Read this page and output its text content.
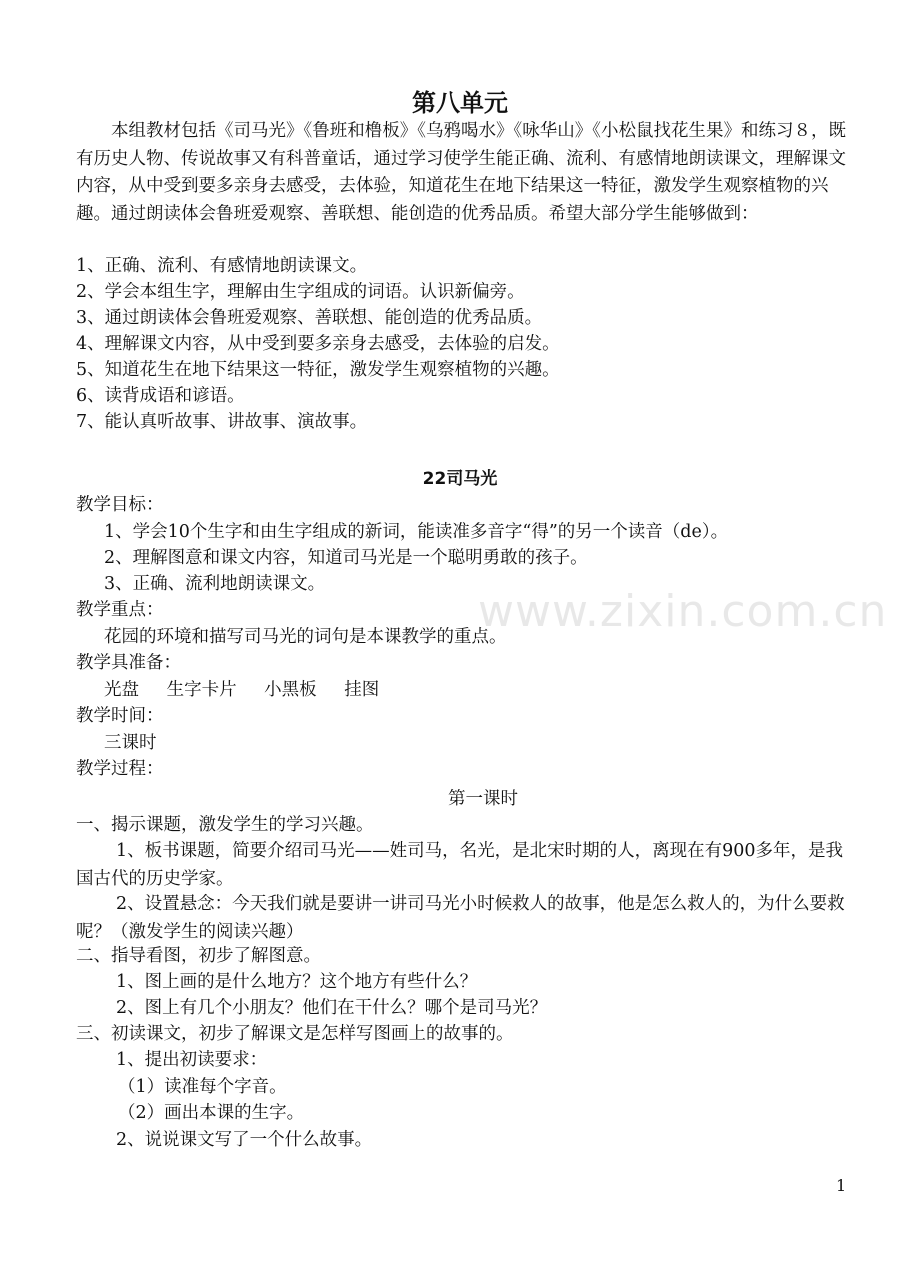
第八单元

本组教材包括《司马光》《鲁班和橹板》《乌鸦喝水》《咏华山》《小松鼠找花生果》和练习８，既有历史人物、传说故事又有科普童话，通过学习使学生能正确、流利、有感情地朗读课文，理解课文内容，从中受到要多亲身去感受，去体验，知道花生在地下结果这一特征，激发学生观察植物的兴趣。通过朗读体会鲁班爱观察、善联想、能创造的优秀品质。希望大部分学生能够做到：

1、正确、流利、有感情地朗读课文。
2、学会本组生字，理解由生字组成的词语。认识新偏旁。
3、通过朗读体会鲁班爱观察、善联想、能创造的优秀品质。
4、理解课文内容，从中受到要多亲身去感受，去体验的启发。
5、知道花生在地下结果这一特征，激发学生观察植物的兴趣。
6、读背成语和谚语。
7、能认真听故事、讲故事、演故事。
22司马光
教学目标：
1、学会10个生字和由生字组成的新词，能读准多音字“得”的另一个读音（de）。
2、理解图意和课文内容，知道司马光是一个聪明勇敢的孩子。
3、正确、流利地朗读课文。
教学重点：
花园的环境和描写司马光的词句是本课教学的重点。
教学具准备：
光盘 生字卡片 小黑板 挂图
教学时间：
三课时
教学过程：
第一课时
一、揭示课题，激发学生的学习兴趣。

1、板书课题，简要介绍司马光——姓司马，名光，是北宋时期的人，离现在有900多年，是我国古代的历史学家。

2、设置悬念：今天我们就是要讲一讲司马光小时候救人的故事，他是怎么救人的，为什么要救呢？（激发学生的阅读兴趣）

二、指导看图，初步了解图意。
1、图上画的是什么地方？这个地方有些什么？
2、图上有几个小朋友？他们在干什么？哪个是司马光？
三、初读课文，初步了解课文是怎样写图画上的故事的。
1、提出初读要求：
（1）读准每个字音。
（2）画出本课的生字。
2、说说课文写了一个什么故事。
www.zixin.com.cn
1
